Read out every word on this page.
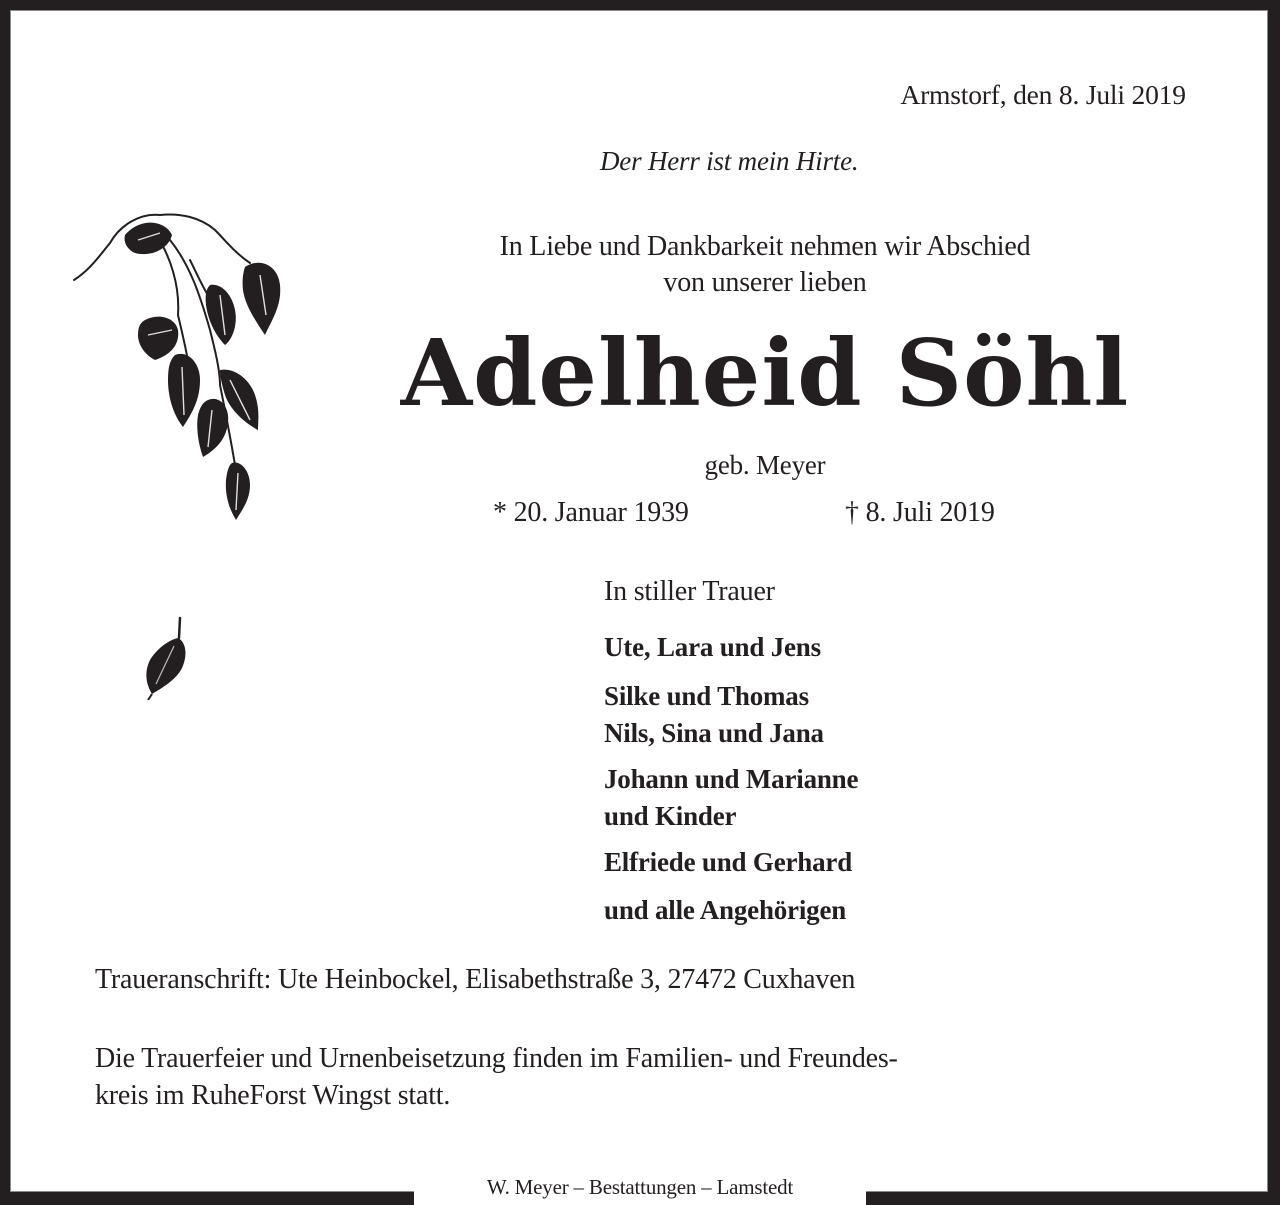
Armstorf, den 8. Juli 2019
Der Herr ist mein Hirte.
In Liebe und Dankbarkeit nehmen wir Abschied
von unserer lieben
Adelheid Söhl
geb. Meyer
* 20. Januar 1939	† 8. Juli 2019
In stiller Trauer
Ute, Lara und Jens
Silke und Thomas
Nils, Sina und Jana
Johann und Marianne
und Kinder
Elfriede und Gerhard
und alle Angehörigen
Traueranschrift: Ute Heinbockel, Elisabethstraße 3, 27472 Cuxhaven
Die Trauerfeier und Urnenbeisetzung finden im Familien- und Freundes-
kreis im RuheForst Wingst statt.
W. Meyer – Bestattungen – Lamstedt
